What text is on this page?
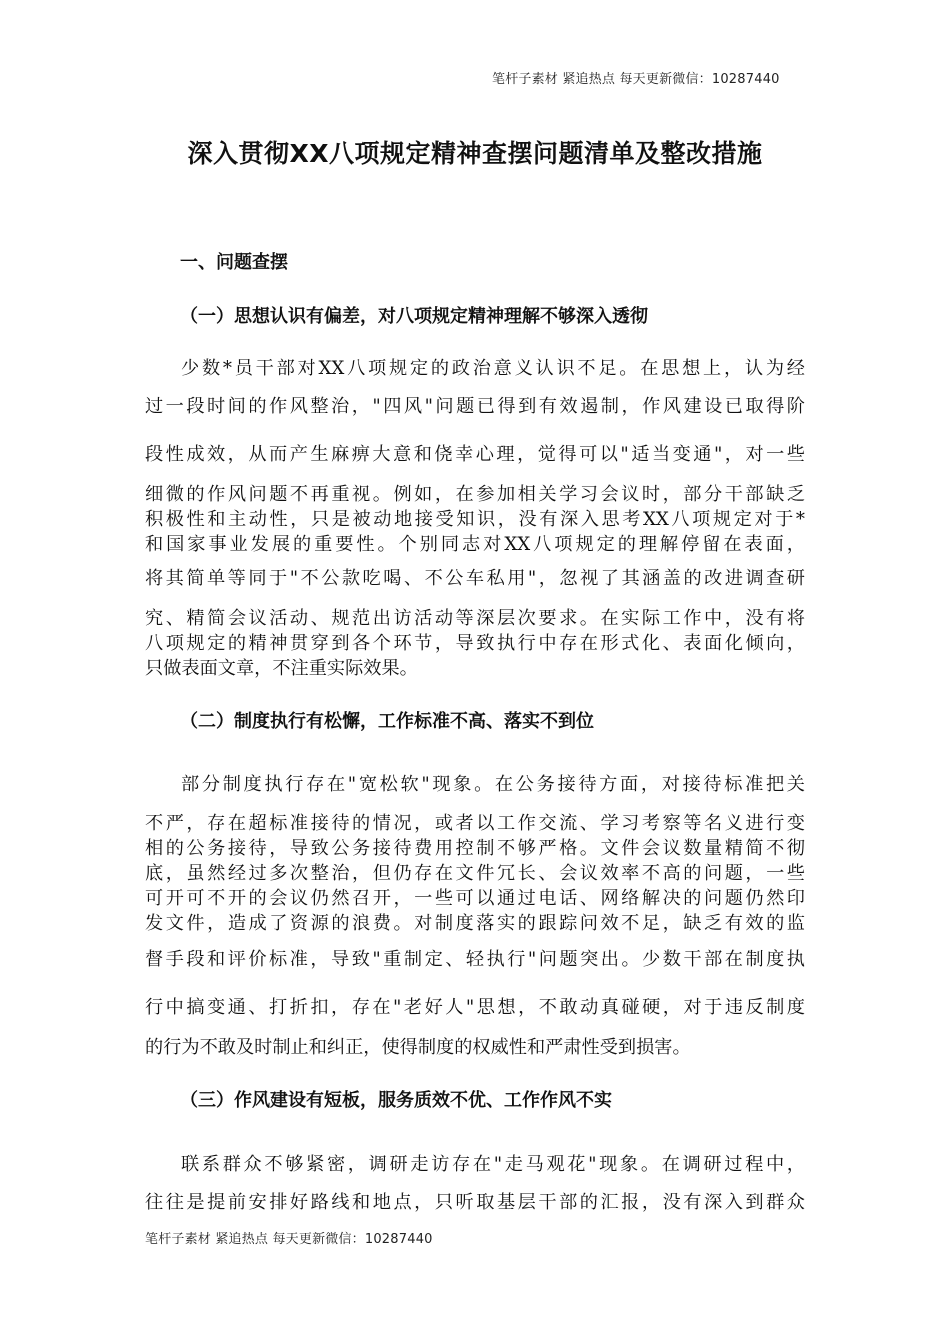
笔杆子素材 紧追热点 每天更新微信：10287440
深入贯彻XX八项规定精神查摆问题清单及整改措施
一、问题查摆
（一）思想认识有偏差，对八项规定精神理解不够深入透彻

少数*员干部对XX八项规定的政治意义认识不足。在思想上，认为经

过一段时间的作风整治，"四风"问题已得到有效遏制，作风建设已取得阶

段性成效，从而产生麻痹大意和侥幸心理，觉得可以"适当变通"，对一些

细微的作风问题不再重视。例如，在参加相关学习会议时，部分干部缺乏

积极性和主动性，只是被动地接受知识，没有深入思考XX八项规定对于*

和国家事业发展的重要性。个别同志对XX八项规定的理解停留在表面，

将其简单等同于"不公款吃喝、不公车私用"，忽视了其涵盖的改进调查研

究、精简会议活动、规范出访活动等深层次要求。在实际工作中，没有将

八项规定的精神贯穿到各个环节，导致执行中存在形式化、表面化倾向，

只做表面文章，不注重实际效果。

（二）制度执行有松懈，工作标准不高、落实不到位

部分制度执行存在"宽松软"现象。在公务接待方面，对接待标准把关

不严，存在超标准接待的情况，或者以工作交流、学习考察等名义进行变

相的公务接待，导致公务接待费用控制不够严格。文件会议数量精简不彻

底，虽然经过多次整治，但仍存在文件冗长、会议效率不高的问题，一些

可开可不开的会议仍然召开，一些可以通过电话、网络解决的问题仍然印

发文件，造成了资源的浪费。对制度落实的跟踪问效不足，缺乏有效的监

督手段和评价标准，导致"重制定、轻执行"问题突出。少数干部在制度执

行中搞变通、打折扣，存在"老好人"思想，不敢动真碰硬，对于违反制度

的行为不敢及时制止和纠正，使得制度的权威性和严肃性受到损害。

（三）作风建设有短板，服务质效不优、工作作风不实

联系群众不够紧密，调研走访存在"走马观花"现象。在调研过程中，

往往是提前安排好路线和地点，只听取基层干部的汇报，没有深入到群众

笔杆子素材 紧追热点 每天更新微信：10287440
